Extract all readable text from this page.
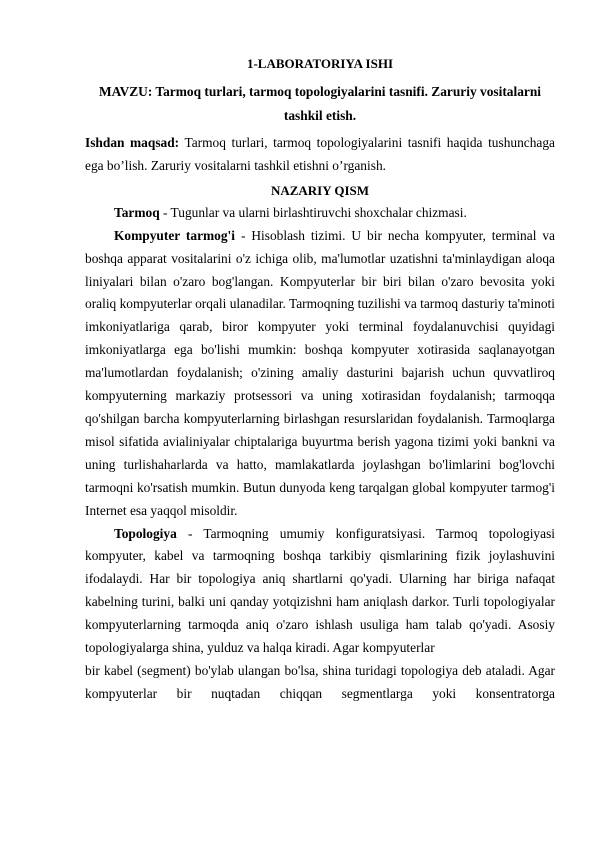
1-LABORATORIYA ISHI
MAVZU: Tarmoq turlari, tarmoq topologiyalarini tasnifi. Zaruriy vositalarni tashkil etish.

Ishdan maqsad: Tarmoq turlari, tarmoq topologiyalarini tasnifi haqida tushunchaga ega bo’lish. Zaruriy vositalarni tashkil etishni o’rganish.

NAZARIY QISM

Tarmoq - Tugunlar va ularni birlashtiruvchi shoxchalar chizmasi.

Kompyuter tarmog'i - Hisoblash tizimi. U bir necha kompyuter, terminal va boshqa apparat vositalarini o'z ichiga olib, ma'lumotlar uzatishni ta'minlaydigan aloqa liniyalari bilan o'zaro bog'langan. Kompyuterlar bir biri bilan o'zaro bevosita yoki oraliq kompyuterlar orqali ulanadilar. Tarmoqning tuzilishi va tarmoq dasturiy ta'minoti imkoniyatlariga qarab, biror kompyuter yoki terminal foydalanuvchisi quyidagi imkoniyatlarga ega bo'lishi mumkin: boshqa kompyuter xotirasida saqlanayotgan ma'lumotlardan foydalanish; o'zining amaliy dasturini bajarish uchun quvvatliroq kompyuterning markaziy protsessori va uning xotirasidan foydalanish; tarmoqqa qo'shilgan barcha kompyuterlarning birlashgan resurslaridan foydalanish. Tarmoqlarga misol sifatida avialiniyalar chiptalariga buyurtma berish yagona tizimi yoki bankni va uning turlishaharlarda va hatto, mamlakatlarda joylashgan bo'limlarini bog'lovchi tarmoqni ko'rsatish mumkin. Butun dunyoda keng tarqalgan global kompyuter tarmog'i Internet esa yaqqol misoldir.

Topologiya - Tarmoqning umumiy konfiguratsiyasi. Tarmoq topologiyasi kompyuter, kabel va tarmoqning boshqa tarkibiy qismlarining fizik joylashuvini ifodalaydi. Har bir topologiya aniq shartlarni qo'yadi. Ularning har biriga nafaqat kabelning turini, balki uni qanday yotqizishni ham aniqlash darkor. Turli topologiyalar kompyuterlarning tarmoqda aniq o'zaro ishlash usuliga ham talab qo'yadi. Asosiy topologiyalarga shina, yulduz va halqa kiradi. Agar kompyuterlar

bir kabel (segment) bo'ylab ulangan bo'lsa, shina turidagi topologiya deb ataladi. Agar kompyuterlar bir nuqtadan chiqqan segmentlarga yoki konsentratorga
